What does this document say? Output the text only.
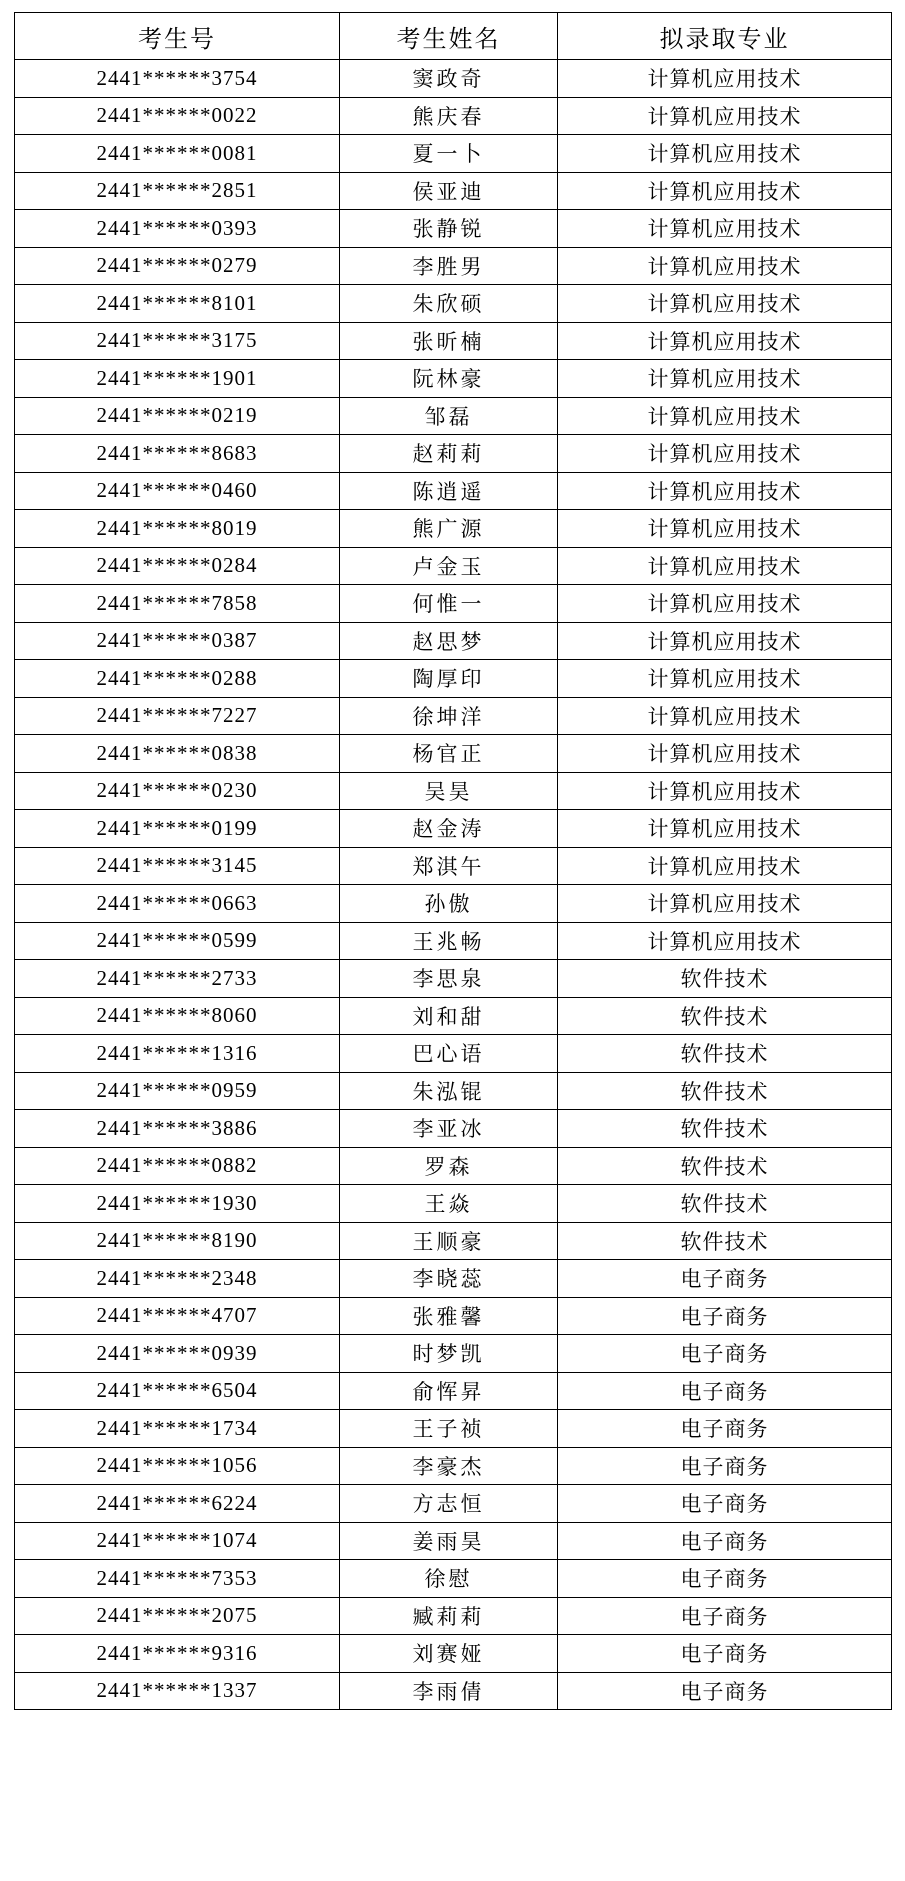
考生号	考生姓名	拟录取专业
2441******3754	窦政奇	计算机应用技术
2441******0022	熊庆春	计算机应用技术
2441******0081	夏一卜	计算机应用技术
2441******2851	侯亚迪	计算机应用技术
2441******0393	张静锐	计算机应用技术
2441******0279	李胜男	计算机应用技术
2441******8101	朱欣硕	计算机应用技术
2441******3175	张昕楠	计算机应用技术
2441******1901	阮林豪	计算机应用技术
2441******0219	邹磊	计算机应用技术
2441******8683	赵莉莉	计算机应用技术
2441******0460	陈逍遥	计算机应用技术
2441******8019	熊广源	计算机应用技术
2441******0284	卢金玉	计算机应用技术
2441******7858	何惟一	计算机应用技术
2441******0387	赵思梦	计算机应用技术
2441******0288	陶厚印	计算机应用技术
2441******7227	徐坤洋	计算机应用技术
2441******0838	杨官正	计算机应用技术
2441******0230	吴昊	计算机应用技术
2441******0199	赵金涛	计算机应用技术
2441******3145	郑淇午	计算机应用技术
2441******0663	孙傲	计算机应用技术
2441******0599	王兆畅	计算机应用技术
2441******2733	李思泉	软件技术
2441******8060	刘和甜	软件技术
2441******1316	巴心语	软件技术
2441******0959	朱泓锟	软件技术
2441******3886	李亚冰	软件技术
2441******0882	罗森	软件技术
2441******1930	王焱	软件技术
2441******8190	王顺豪	软件技术
2441******2348	李晓蕊	电子商务
2441******4707	张雅馨	电子商务
2441******0939	时梦凯	电子商务
2441******6504	俞恽昇	电子商务
2441******1734	王子祯	电子商务
2441******1056	李豪杰	电子商务
2441******6224	方志恒	电子商务
2441******1074	姜雨昊	电子商务
2441******7353	徐慰	电子商务
2441******2075	臧莉莉	电子商务
2441******9316	刘赛娅	电子商务
2441******1337	李雨倩	电子商务
